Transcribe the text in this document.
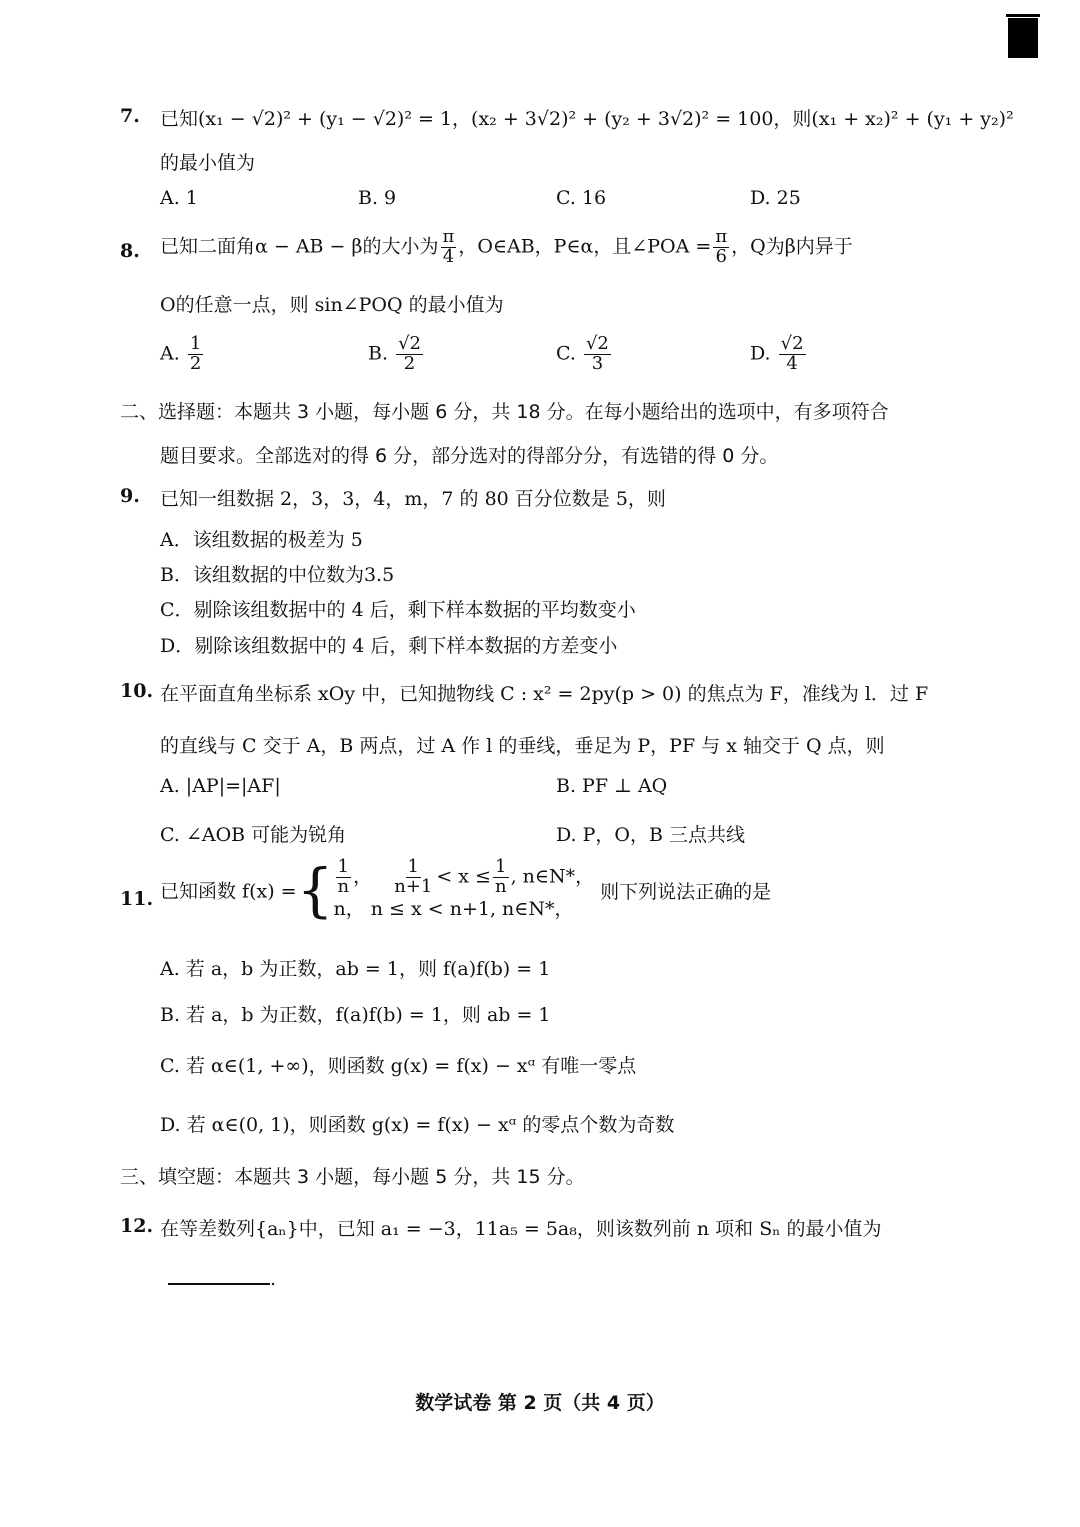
7. 已知(x₁ − √2)² + (y₁ − √2)² = 1，(x₂ + 3√2)² + (y₂ + 3√2)² = 100，则(x₁ + x₂)² + (y₁ + y₂)²
的最小值为
A. 1	B. 9	C. 16	D. 25
8. 已知二面角α − AB − β的大小为 $\frac{\pi}{4}$ ，O∈AB，P∈α，且∠POA = $\frac{\pi}{6}$ ，Q为β内异于
O的任意一点，则 sin∠POQ 的最小值为
A. $\frac{1}{2}$	B. $\frac{√2}{2}$	C. $\frac{√2}{3}$	D. $\frac{√2}{4}$
二、选择题：本题共 3 小题，每小题 6 分，共 18 分。在每小题给出的选项中，有多项符合
题目要求。全部选对的得 6 分，部分选对的得部分分，有选错的得 0 分。
9. 已知一组数据 2，3，3，4，m，7 的 80 百分位数是 5，则
A．该组数据的极差为 5
B．该组数据的中位数为3.5
C．剔除该组数据中的 4 后，剩下样本数据的平均数变小
D．剔除该组数据中的 4 后，剩下样本数据的方差变小
10. 在平面直角坐标系 xOy 中，已知抛物线 C : x² = 2py(p > 0) 的焦点为 F，准线为 l．过 F
的直线与 C 交于 A，B 两点，过 A 作 l 的垂线，垂足为 P，PF 与 x 轴交于 Q 点，则
A. |AP|=|AF|	B. PF ⊥ AQ
C. ∠AOB 可能为锐角	D. P，O，B 三点共线
11. 已知函数 f(x) ={ $\frac{1}{n}$ ， $\frac{1}{n+1} < x \le \frac{1}{n}$ , n∈N*，
n， n ≤ x < n+1, n∈N*，
则下列说法正确的是
A. 若 a，b 为正数，ab = 1，则 f(a)f(b) = 1
B. 若 a，b 为正数，f(a)f(b) = 1，则 ab = 1
C. 若 α∈(1, +∞)，则函数 g(x) = f(x) − xᵅ 有唯一零点
D. 若 α∈(0, 1)，则函数 g(x) = f(x) − xᵅ 的零点个数为奇数
三、填空题：本题共 3 小题，每小题 5 分，共 15 分。
12. 在等差数列{aₙ}中，已知 a₁ = −3，11a₅ = 5a₈，则该数列前 n 项和 Sₙ 的最小值为
.
数学试卷 第 2 页（共 4 页）
